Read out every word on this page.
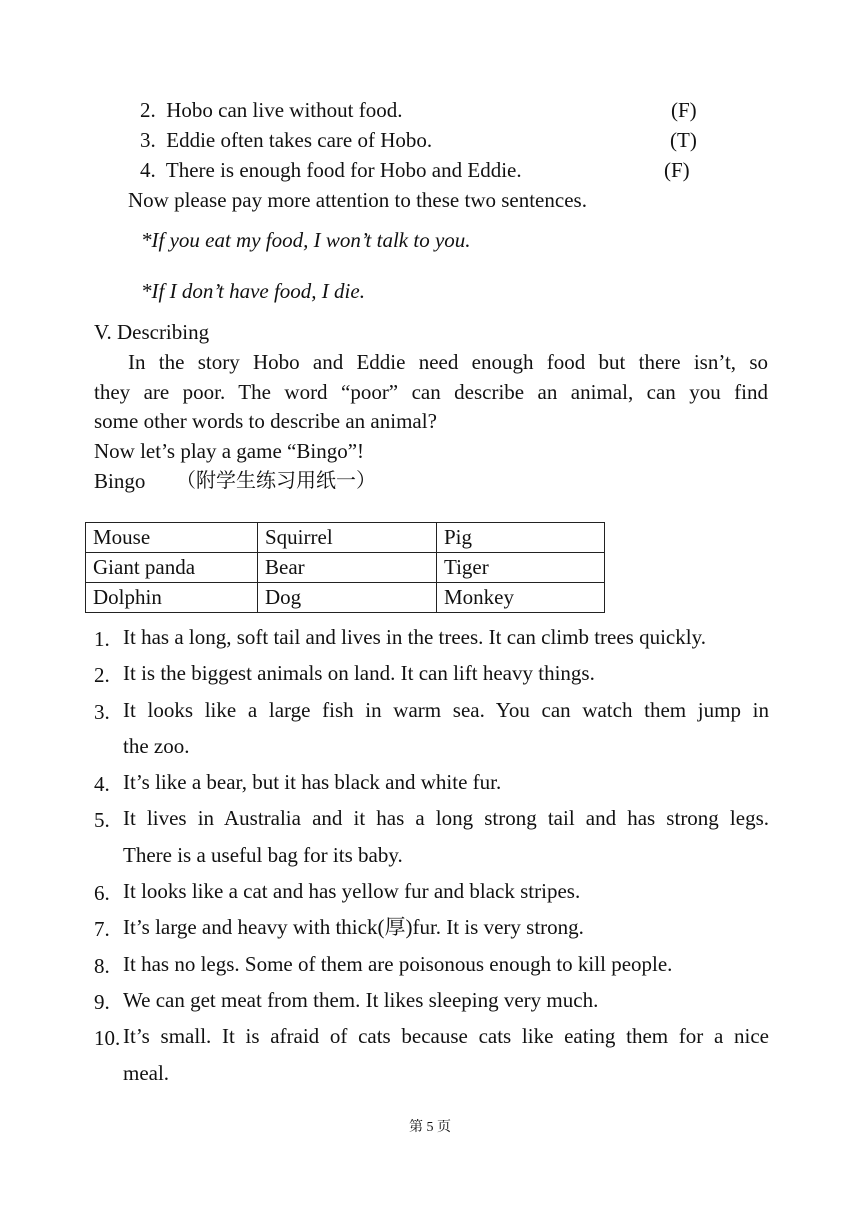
2. Hobo can live without food.	(F)
3. Eddie often takes care of Hobo.	(T)
4. There is enough food for Hobo and Eddie.	(F)
Now please pay more attention to these two sentences.
*If you eat my food, I won’t talk to you.
*If I don’t have food, I die.
V. Describing
In the story Hobo and Eddie need enough food but there isn’t, so
they are poor. The word “poor” can describe an animal, can you find
some other words to describe an animal?
Now let’s play a game “Bingo”!
Bingo （附学生练习用纸一）
Mouse	Squirrel	Pig
Giant panda	Bear	Tiger
Dolphin	Dog	Monkey
1. It has a long, soft tail and lives in the trees. It can climb trees quickly.
2. It is the biggest animals on land. It can lift heavy things.
3. It looks like a large fish in warm sea. You can watch them jump in
the zoo.
4. It’s like a bear, but it has black and white fur.
5. It lives in Australia and it has a long strong tail and has strong legs.
There is a useful bag for its baby.
6. It looks like a cat and has yellow fur and black stripes.
7. It’s large and heavy with thick(厚)fur. It is very strong.
8. It has no legs. Some of them are poisonous enough to kill people.
9. We can get meat from them. It likes sleeping very much.
10. It’s small. It is afraid of cats because cats like eating them for a nice
meal.
第 5 页
